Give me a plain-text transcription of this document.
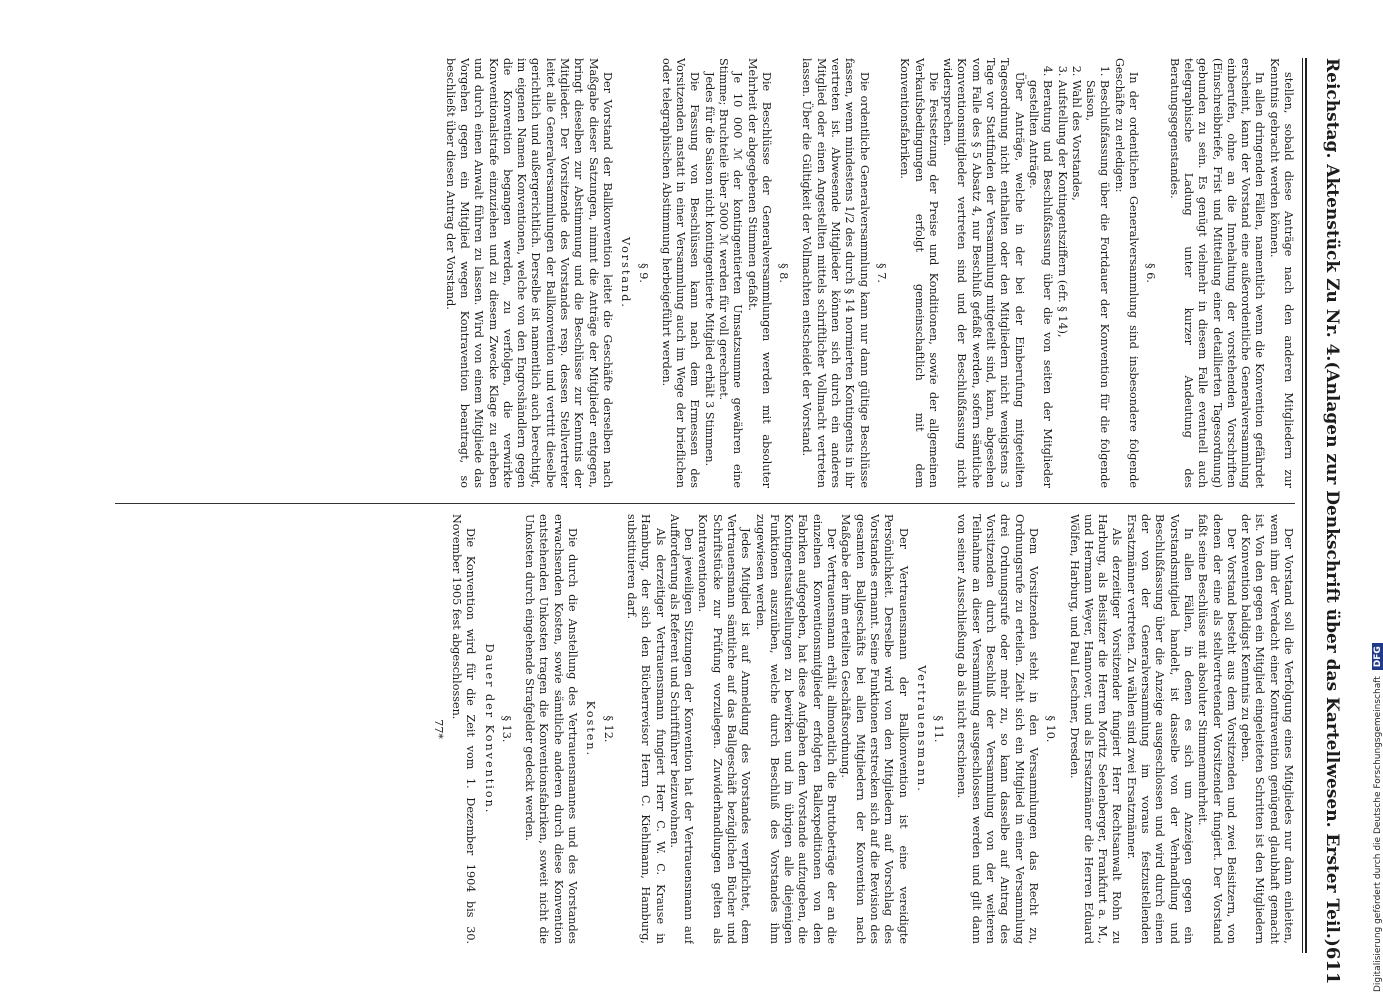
Reichstag. Aktenstück Zu Nr. 4.
(Anlagen zur Denkschrift über das Kartellwesen. Erster Teil.)
611

stellen, sobald diese Anträge nach den anderen Mitgliedern zur Kenntnis gebracht werden können.

In allen dringenden Fällen, namentlich wenn die Konvention gefährdet erscheint, kann der Vorstand eine außerordentliche Generalversammlung einberufen, ohne an die Innehaltung der vorstehenden Vorschriften (Einschreibbriefe, Frist und Mitteilung einer detaillierten Tagesordnung) gebunden zu sein. Es genügt vielmehr in diesem Falle eventuell auch telegraphische Ladung unter kurzer Andeutung des Beratungsgegenstandes.

§ 6.

In der ordentlichen Generalversammlung sind insbesondere folgende Geschäfte zu erledigen:

1. Beschlußfassung über die Fortdauer der Konvention für die folgende Saison,
2. Wahl des Vorstandes,
3. Aufstellung der Kontingentsziffern (efr. § 14),
4. Beratung und Beschlußfassung über die von seiten der Mitglieder gestellten Anträge.

Über Anträge, welche in der bei der Einberufung mitgeteilten Tagesordnung nicht enthalten oder den Mitgliedern nicht wenigstens 3 Tage vor Stattfinden der Versammlung mitgeteilt sind, kann, abgesehen vom Falle des § 5 Absatz 4, nur Beschluß gefaßt werden, sofern sämtliche Konventionsmitglieder vertreten sind und der Beschlußfassung nicht widersprechen.

Die Festsetzung der Preise und Konditionen, sowie der allgemeinen Verkaufsbedingungen erfolgt gemeinschaftlich mit dem Konventionsfabriken.

§ 7.

Die ordentliche Generalversammlung kann nur dann gültige Beschlüsse fassen, wenn mindestens 1/2 des durch § 14 normierten Kontingents in ihr vertreten ist. Abwesende Mitglieder können sich durch ein anderes Mitglied oder einen Angestellten mittels schriftlicher Vollmacht vertreten lassen. Über die Gültigkeit der Vollmachten entscheidet der Vorstand.

§ 8.

Die Beschlüsse der Generalversammlungen werden mit absoluter Mehrheit der abgegebenen Stimmen gefaßt.

Je 10 000 ℳ der kontingentierten Umsatzsumme gewähren eine Stimme; Bruchteile über 5000 ℳ werden für voll gerechnet.

Jedes für die Saison nicht kontingentierte Mitglied erhält 3 Stimmen.

Die Fassung von Beschlüssen kann nach dem Ermessen des Vorsitzenden anstatt in einer Versammlung auch im Wege der brieflichen oder telegraphischen Abstimmung herbeigeführt werden.

§ 9.

Vorstand.

Der Vorstand der Ballkonvention leitet die Geschäfte derselben nach Maßgabe dieser Satzungen, nimmt die Anträge der Mitglieder entgegen, bringt dieselben zur Abstimmung und die Beschlüsse zur Kenntnis der Mitglieder. Der Vorsitzende des Vorstandes resp. dessen Stellvertreter leitet alle Generalversammlungen der Ballkonvention und vertritt dieselbe gerichtlich und außergerichtlich. Derselbe ist namentlich auch berechtigt, im eigenen Namen Konventionen, welche von den Engroshändlern gegen die Konvention begangen werden, zu verfolgen, die verwirkte Konventionalstrafe einzuziehen und zu diesem Zwecke Klage zu erheben und durch einen Anwalt führen zu lassen. Wird von einem Mitgliede das Vorgehen gegen ein Mitglied wegen Kontravention beantragt, so beschließt über diesen Antrag der Vorstand.

Der Vorstand soll die Verfolgung eines Mitgliedes nur dann einleiten, wenn ihm der Verdacht einer Kontravention genügend glaubhaft gemacht ist. Von den gegen ein Mitglied eingeleiteten Schritten ist den Mitgliedern der Konvention baldigst Kenntnis zu geben.

Der Vorstand besteht aus dem Vorsitzenden und zwei Beisitzern, von denen der eine als stellvertretender Vorsitzender fungiert. Der Vorstand faßt seine Beschlüsse mit absoluter Stimmenmehrheit.

In allen Fällen, in denen es sich um Anzeigen gegen ein Vorstandsmitglied handelt, ist dasselbe von der Verhandlung und Beschlußfassung über die Anzeige ausgeschlossen und wird durch einen der von der Generalversammlung im voraus festzustellenden Ersatzmänner vertreten. Zu wählen sind zwei Ersatzmänner.

Als derzeitiger Vorsitzender fungiert Herr Rechtsanwalt Rohn zu Harburg, als Beisitzer die Herren Moritz Seelenberger, Frankfurt a. M., und Hermann Weyer, Hannover, und als Ersatzmänner die Herren Eduard Wölfen, Harburg, und Paul Leschner, Dresden.

§ 10.

Dem Vorsitzenden steht in den Versammlungen das Recht zu, Ordnungsrufe zu erteilen. Zieht sich ein Mitglied in einer Versammlung drei Ordnungsrufe oder mehr zu, so kann dasselbe auf Antrag des Vorsitzenden durch Beschluß der Versammlung von der weiteren Teilnahme an dieser Versammlung ausgeschlossen werden und gilt dann von seiner Ausschließung ab als nicht erschienen.

§ 11.

Vertrauensmann.

Der Vertrauensmann der Ballkonvention ist eine vereidigte Persönlichkeit. Derselbe wird von den Mitgliedern auf Vorschlag des Vorstandes ernannt. Seine Funktionen erstrecken sich auf die Revision des gesamten Ballgeschäfts bei allen Mitgliedern der Konvention nach Maßgabe der ihm erteilten Geschäftsordnung.

Der Vertrauensmann erhält allmonatlich die Bruttobeträge der an die einzelnen Konventionsmitglieder erfolgten Ballexpeditionen von den Fabriken aufgegeben, hat diese Aufgaben dem Vorstande aufzugeben, die Kontingentsaufstellungen zu bewirken und im übrigen alle diejenigen Funktionen auszuüben, welche durch Beschluß des Vorstandes ihm zugewiesen werden.

Jedes Mitglied ist auf Anmeldung des Vorstandes verpflichtet, dem Vertrauensmann sämtliche auf das Ballgeschäft bezüglichen Bücher und Schriftstücke zur Prüfung vorzulegen. Zuwiderhandlungen gelten als Kontraventionen.

Den jeweiligen Sitzungen der Konvention hat der Vertrauensmann auf Aufforderung als Referent und Schriftführer beizuwohnen.

Als derzeitiger Vertrauensmann fungiert Herr C. W. C. Krause in Hamburg, der sich den Bücherrevisor Herrn C. Kiehlmann, Hamburg, substituieren darf.

§ 12.

Kosten.

Die durch die Anstellung des Vertrauensmannes und des Vorstandes erwachsenden Kosten, sowie sämtliche anderen durch diese Konvention entstehenden Unkosten tragen die Konventionsfabriken, soweit nicht die Unkosten durch eingehende Strafgelder gedeckt werden.

§ 13.

Dauer der Konvention.

Die Konvention wird für die Zeit vom 1. Dezember 1904 bis 30. November 1905 fest abgeschlossen.

77*	Digitalisierung gefördert durch die Deutsche Forschungsgemeinschaft
DFG
